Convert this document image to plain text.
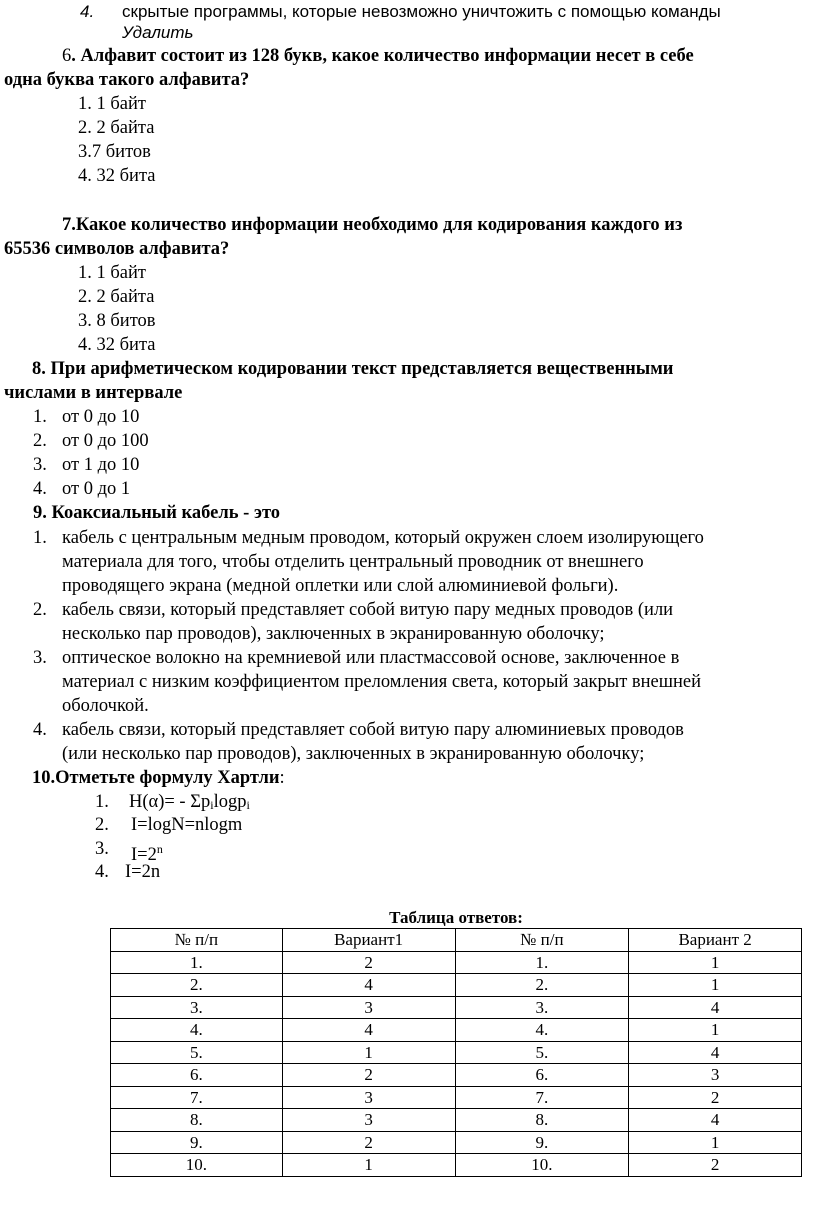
4. скрытые программы, которые невозможно уничтожить с помощью команды
Удалить
6. Алфавит состоит из 128 букв, какое количество информации несет в себе
одна буква такого алфавита?
1. 1 байт
2. 2 байта
3.7 битов
4. 32 бита
7.Какое количество информации необходимо для кодирования каждого из
65536 символов алфавита?
1. 1 байт
2. 2 байта
3. 8 битов
4. 32 бита
8. При арифметическом кодировании текст представляется вещественными
числами в интервале
1. от 0 до 10
2. от 0 до 100
3. от 1 до 10
4. от 0 до 1
9. Коаксиальный кабель - это
1. кабель с центральным медным проводом, который окружен слоем изолирующего
материала для того, чтобы отделить центральный проводник от внешнего
проводящего экрана (медной оплетки или слой алюминиевой фольги).
2. кабель связи, который представляет собой витую пару медных проводов (или
несколько пар проводов), заключенных в экранированную оболочку;
3. оптическое волокно на кремниевой или пластмассовой основе, заключенное в
материал с низким коэффициентом преломления света, который закрыт внешней
оболочкой.
4. кабель связи, который представляет собой витую пару алюминиевых проводов
(или несколько пар проводов), заключенных в экранированную оболочку;
10.Отметьте формулу Хартли:
1. $H(\alpha)= - \Sigma p_i\log p_i$
2. I=logN=nlogm
3. $I=2^n$
4. I=2n
Таблица ответов:
№ п/п	Вариант1	№ п/п	Вариант 2
1.	2	1.	1
2.	4	2.	1
3.	3	3.	4
4.	4	4.	1
5.	1	5.	4
6.	2	6.	3
7.	3	7.	2
8.	3	8.	4
9.	2	9.	1
10.	1	10.	2
